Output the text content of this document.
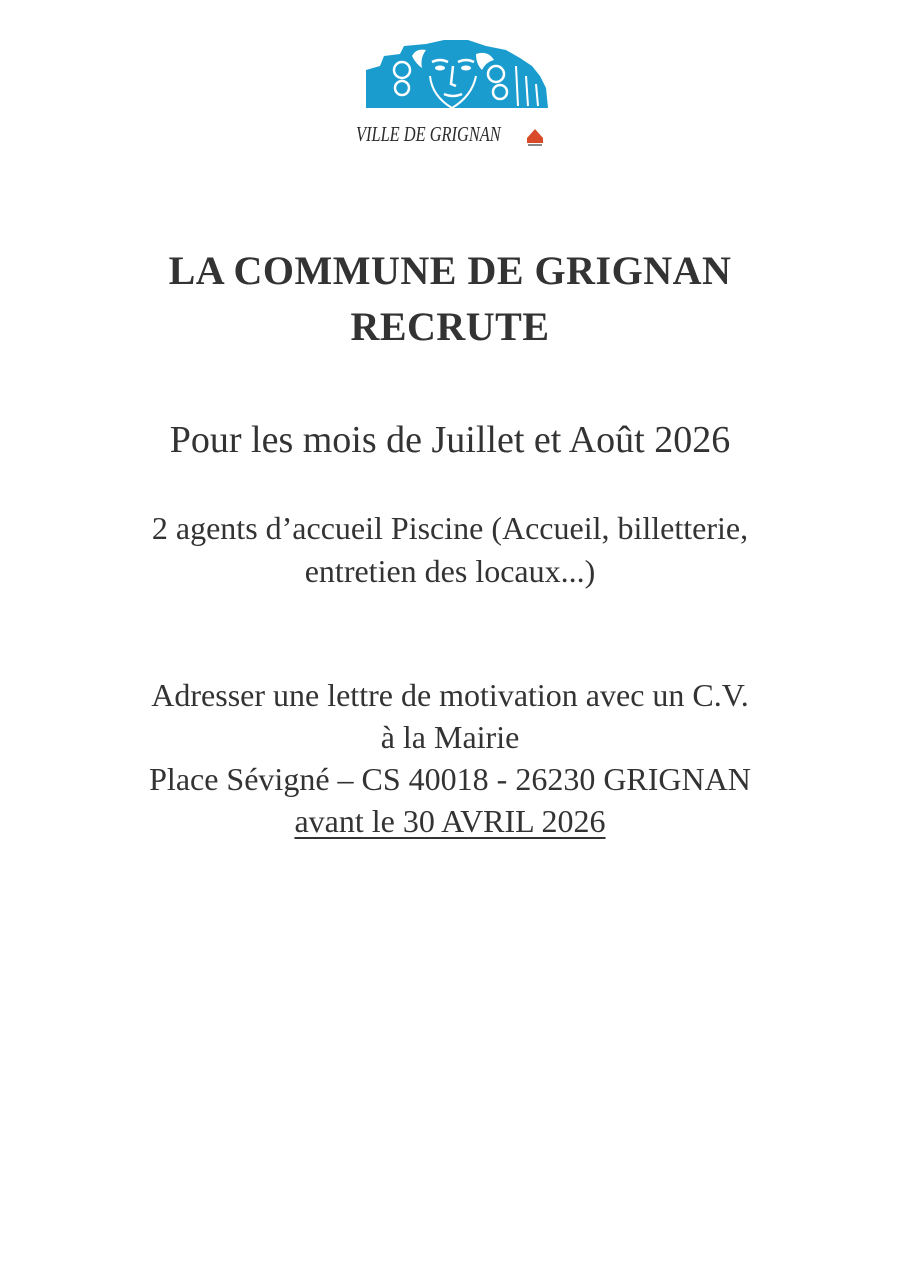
VILLE DE GRIGNAN
LA COMMUNE DE GRIGNAN
RECRUTE
Pour les mois de Juillet et Août 2026
2 agents d’accueil Piscine (Accueil, billetterie,
entretien des locaux...)
Adresser une lettre de motivation avec un C.V.
à la Mairie
Place Sévigné – CS 40018 - 26230 GRIGNAN
avant le 30 AVRIL 2026
